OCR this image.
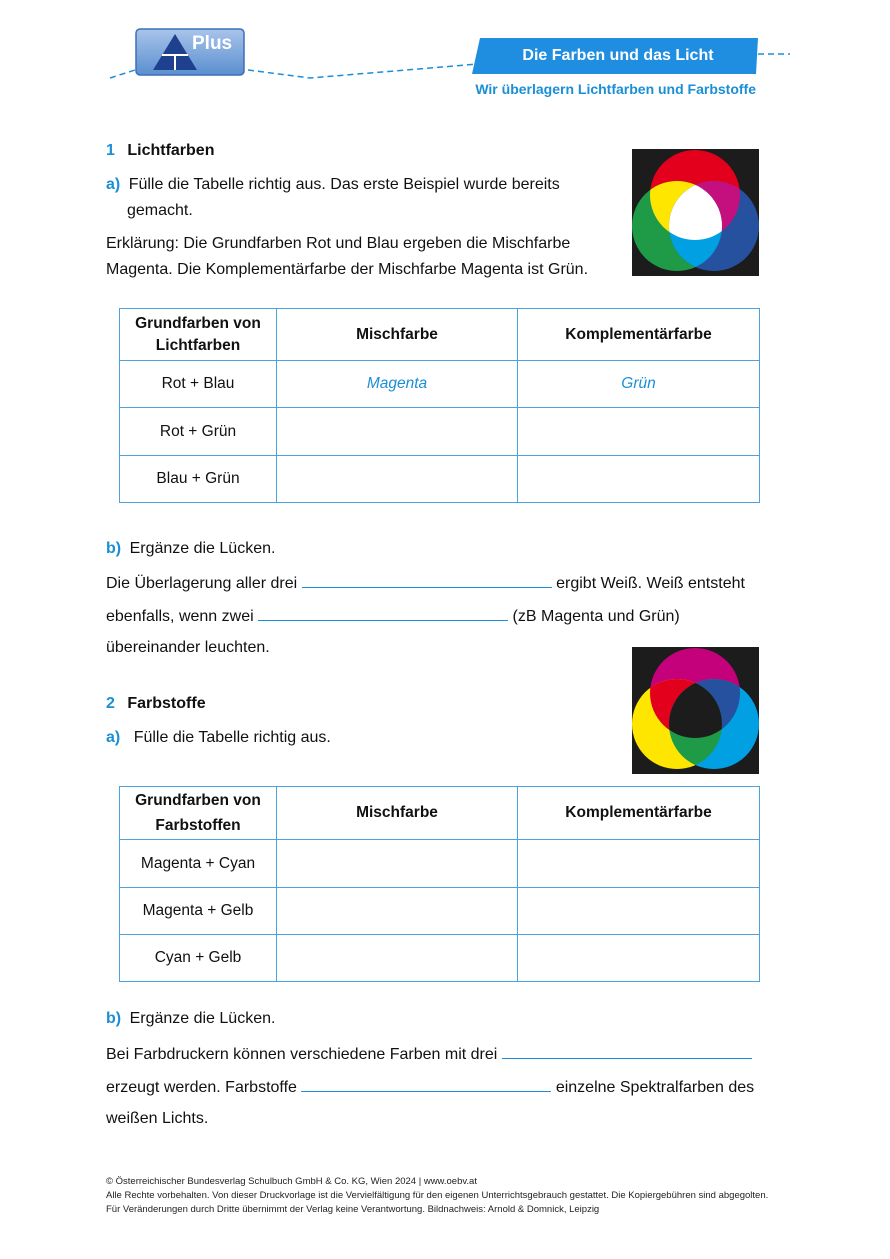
Plus
Die Farben und das Licht
Wir überlagern Lichtfarben und Farbstoffe
1 Lichtfarben
a) Fülle die Tabelle richtig aus. Das erste Beispiel wurde bereits
gemacht.
Erklärung: Die Grundfarben Rot und Blau ergeben die Mischfarbe
Magenta. Die Komplementärfarbe der Mischfarbe Magenta ist Grün.
Grundfarben von Lichtfarben	Mischfarbe	Komplementärfarbe
Rot + Blau	Magenta	Grün
Rot + Grün		
Blau + Grün		
b) Ergänze die Lücken.
Die Überlagerung aller drei	ergibt Weiß. Weiß entsteht
ebenfalls, wenn zwei	(zB Magenta und Grün)
übereinander leuchten.
2 Farbstoffe
a) Fülle die Tabelle richtig aus.
Grundfarben von Farbstoffen	Mischfarbe	Komplementärfarbe
Magenta + Cyan		
Magenta + Gelb		
Cyan + Gelb		
b) Ergänze die Lücken.
Bei Farbdruckern können verschiedene Farben mit drei
erzeugt werden. Farbstoffe	einzelne Spektralfarben des
weißen Lichts.
© Österreichischer Bundesverlag Schulbuch GmbH & Co. KG, Wien 2024 | www.oebv.at
Alle Rechte vorbehalten. Von dieser Druckvorlage ist die Vervielfältigung für den eigenen Unterrichtsgebrauch gestattet. Die Kopiergebühren sind abgegolten.
Für Veränderungen durch Dritte übernimmt der Verlag keine Verantwortung. Bildnachweis: Arnold & Domnick, Leipzig
